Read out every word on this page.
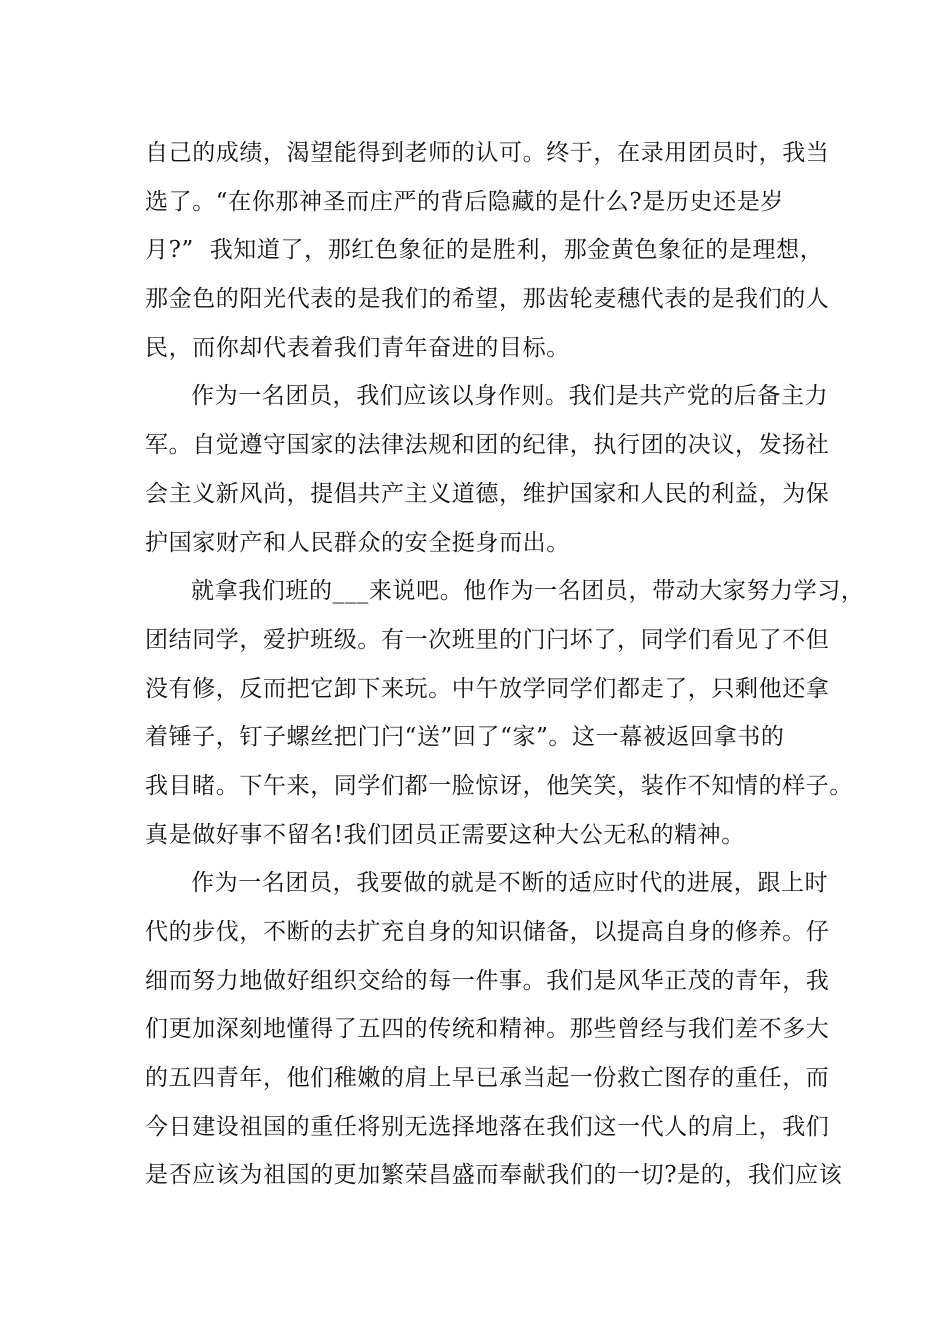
自己的成绩，渴望能得到老师的认可。终于，在录用团员时，我当
选了。“在你那神圣而庄严的背后隐藏的是什么?是历史还是岁
月?”  我知道了，那红色象征的是胜利，那金黄色象征的是理想，
那金色的阳光代表的是我们的希望，那齿轮麦穗代表的是我们的人
民，而你却代表着我们青年奋进的目标。
作为一名团员，我们应该以身作则。我们是共产党的后备主力
军。自觉遵守国家的法律法规和团的纪律，执行团的决议，发扬社
会主义新风尚，提倡共产主义道德，维护国家和人民的利益，为保
护国家财产和人民群众的安全挺身而出。
就拿我们班的___来说吧。他作为一名团员，带动大家努力学习，
团结同学，爱护班级。有一次班里的门闩坏了，同学们看见了不但
没有修，反而把它卸下来玩。中午放学同学们都走了，只剩他还拿
着锤子，钉子螺丝把门闩“送”回了“家”。这一幕被返回拿书的
我目睹。下午来，同学们都一脸惊讶，他笑笑，装作不知情的样子。
真是做好事不留名!我们团员正需要这种大公无私的精神。
作为一名团员，我要做的就是不断的适应时代的进展，跟上时
代的步伐，不断的去扩充自身的知识储备，以提高自身的修养。仔
细而努力地做好组织交给的每一件事。我们是风华正茂的青年，我
们更加深刻地懂得了五四的传统和精神。那些曾经与我们差不多大
的五四青年，他们稚嫩的肩上早已承当起一份救亡图存的重任，而
今日建设祖国的重任将别无选择地落在我们这一代人的肩上，我们
是否应该为祖国的更加繁荣昌盛而奉献我们的一切?是的，我们应该
